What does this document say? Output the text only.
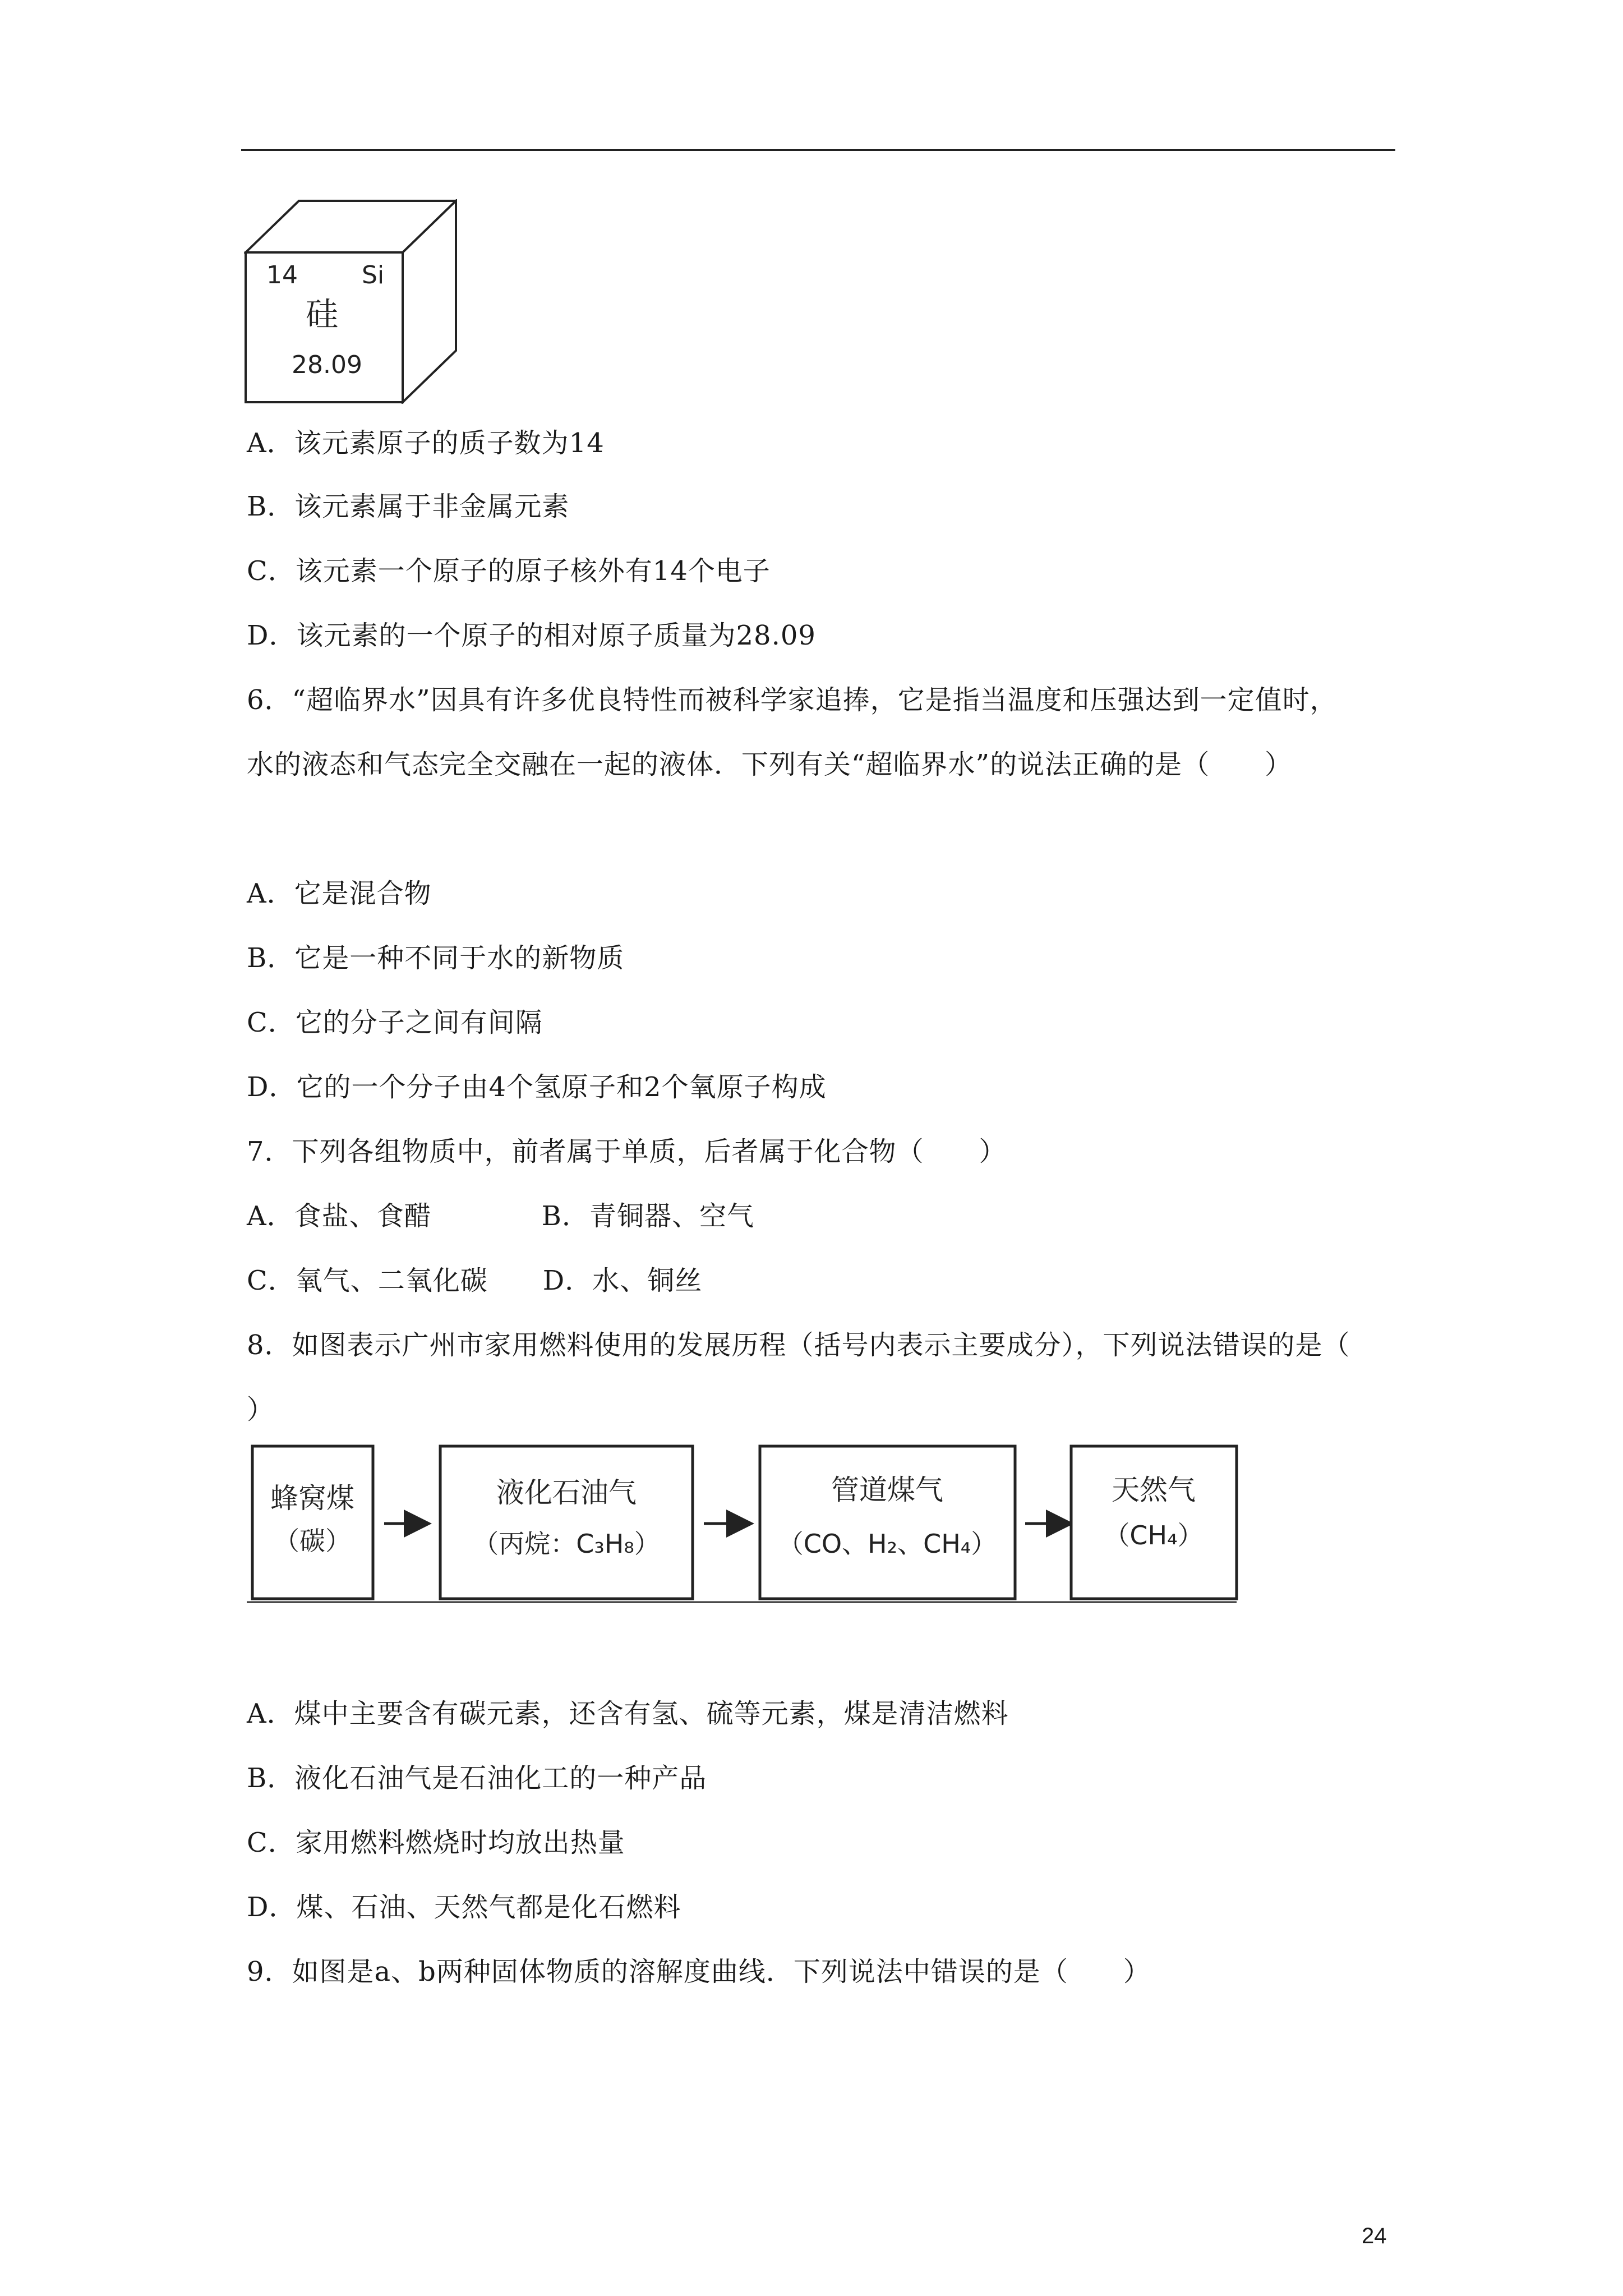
14	Si
硅
28.09
A．该元素原子的质子数为14
B．该元素属于非金属元素
C．该元素一个原子的原子核外有14个电子
D．该元素的一个原子的相对原子质量为28.09
6．“超临界水”因具有许多优良特性而被科学家追捧，它是指当温度和压强达到一定值时，
水的液态和气态完全交融在一起的液体．下列有关“超临界水”的说法正确的是（　　）
A．它是混合物
B．它是一种不同于水的新物质
C．它的分子之间有间隔
D．它的一个分子由4个氢原子和2个氧原子构成
7．下列各组物质中，前者属于单质，后者属于化合物（　　）
A．食盐、食醋　　　　B．青铜器、空气
C．氧气、二氧化碳　　D．水、铜丝
8．如图表示广州市家用燃料使用的发展历程（括号内表示主要成分），下列说法错误的是（
）
蜂窝煤
（碳）
液化石油气
（丙烷：C₃H₈）
管道煤气
（CO、H₂、CH₄）
天然气
（CH₄）
A．煤中主要含有碳元素，还含有氢、硫等元素，煤是清洁燃料
B．液化石油气是石油化工的一种产品
C．家用燃料燃烧时均放出热量
D．煤、石油、天然气都是化石燃料
9．如图是a、b两种固体物质的溶解度曲线．下列说法中错误的是（　　）
24
